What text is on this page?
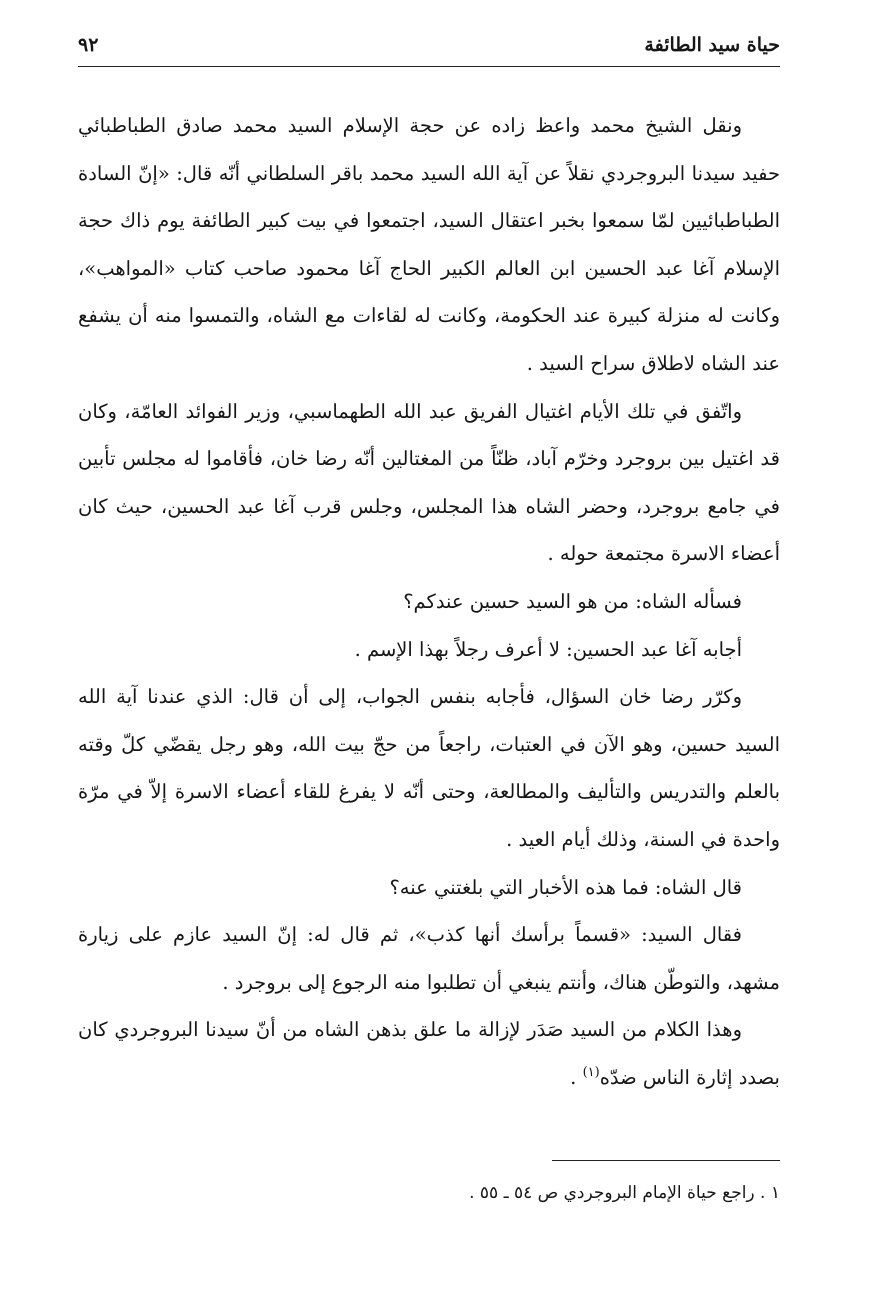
حياة سيد الطائفة
٩٢

ونقل الشيخ محمد واعظ زاده عن حجة الإسلام السيد محمد صادق الطباطبائي حفيد سيدنا البروجردي نقلاً عن آية الله السيد محمد باقر السلطاني أنّه قال: «إنّ السادة الطباطبائيين لمّا سمعوا بخبر اعتقال السيد، اجتمعوا في بيت كبير الطائفة يوم ذاك حجة الإسلام آغا عبد الحسين ابن العالم الكبير الحاج آغا محمود صاحب كتاب «المواهب»، وكانت له منزلة كبيرة عند الحكومة، وكانت له لقاءات مع الشاه، والتمسوا منه أن يشفع عند الشاه لاطلاق سراح السيد .

واتّفق في تلك الأيام اغتيال الفريق عبد الله الطهماسبي، وزير الفوائد العامّة، وكان قد اغتيل بين بروجرد وخرّم آباد، ظنّاً من المغتالين أنّه رضا خان، فأقاموا له مجلس تأبين في جامع بروجرد، وحضر الشاه هذا المجلس، وجلس قرب آغا عبد الحسين، حيث كان أعضاء الاسرة مجتمعة حوله .

فسأله الشاه: من هو السيد حسين عندكم؟

أجابه آغا عبد الحسين: لا أعرف رجلاً بهذا الإسم .

وكرّر رضا خان السؤال، فأجابه بنفس الجواب، إلى أن قال: الذي عندنا آية الله السيد حسين، وهو الآن في العتبات، راجعاً من حجّ بيت الله، وهو رجل يقضّي كلّ وقته بالعلم والتدريس والتأليف والمطالعة، وحتى أنّه لا يفرغ للقاء أعضاء الاسرة إلاّ في مرّة واحدة في السنة، وذلك أيام العيد .

قال الشاه: فما هذه الأخبار التي بلغتني عنه؟

فقال السيد: «قسماً برأسك أنها كذب»، ثم قال له: إنّ السيد عازم على زيارة مشهد، والتوطّن هناك، وأنتم ينبغي أن تطلبوا منه الرجوع إلى بروجرد .

وهذا الكلام من السيد صَدَر لإزالة ما علق بذهن الشاه من أنّ سيدنا البروجردي كان بصدد إثارة الناس ضدّه$^{(١)}$ .

١ . راجع حياة الإمام البروجردي ص ٥٤ ـ ٥٥ .
